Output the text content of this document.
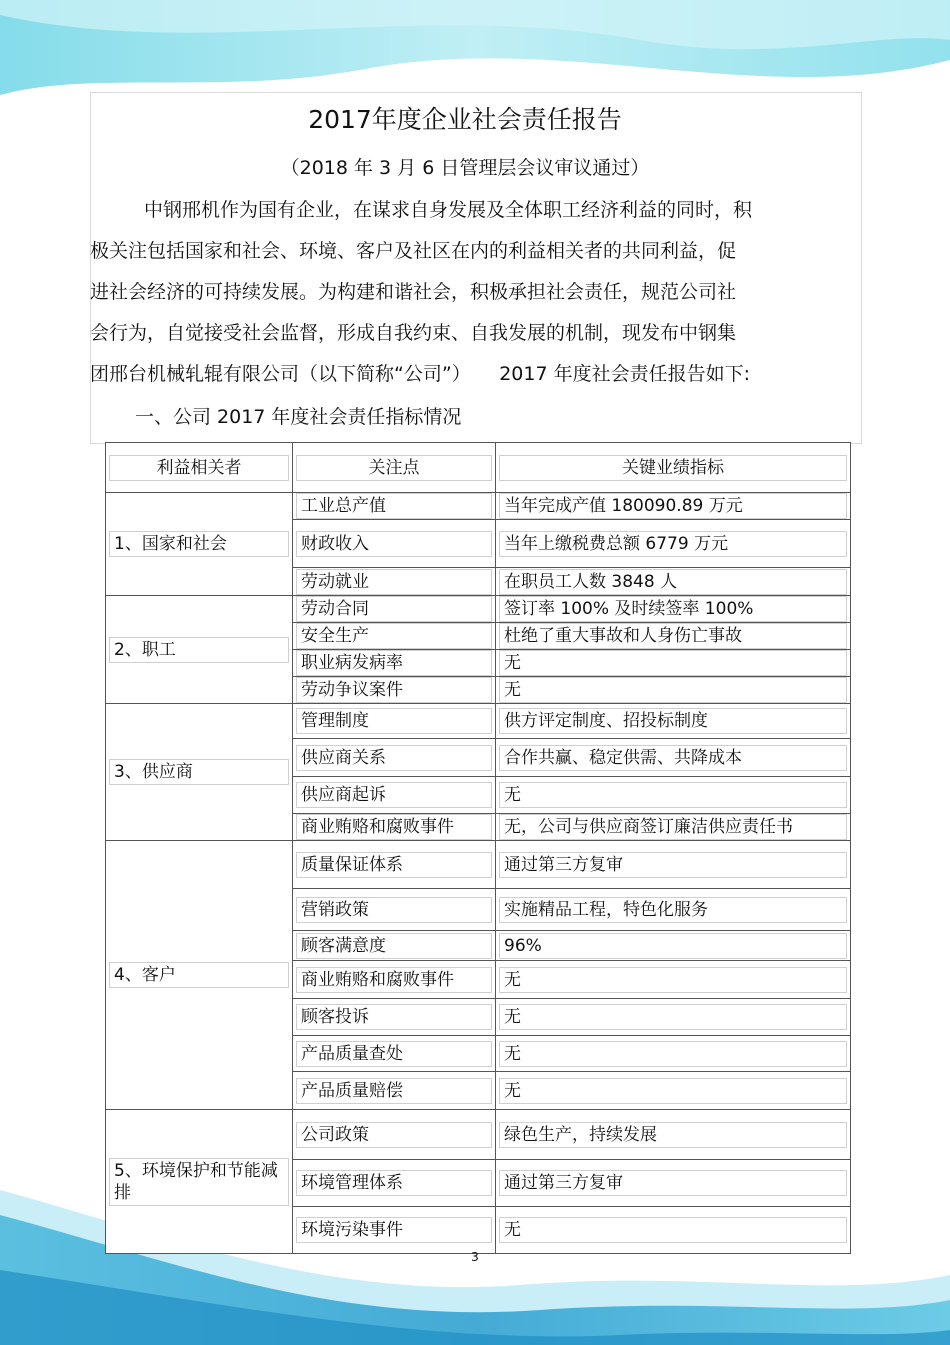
2017年度企业社会责任报告
（2018 年 3 月 6 日管理层会议审议通过）
中钢邢机作为国有企业，在谋求自身发展及全体职工经济利益的同时，积
极关注包括国家和社会、环境、客户及社区在内的利益相关者的共同利益，促
进社会经济的可持续发展。为构建和谐社会，积极承担社会责任，规范公司社
会行为，自觉接受社会监督，形成自我约束、自我发展的机制，现发布中钢集
团邢台机械轧辊有限公司（以下简称“公司”）　　2017 年度社会责任报告如下:
一、公司 2017 年度社会责任指标情况
利益相关者	关注点	关键业绩指标

1、国家和社会	工业总产值	当年完成产值 180090.89 万元

	财政收入	当年上缴税费总额 6779 万元

	劳动就业	在职员工人数 3848 人

2、职工	劳动合同	签订率 100% 及时续签率 100%

	安全生产	杜绝了重大事故和人身伤亡事故

	职业病发病率	无

	劳动争议案件	无

3、供应商	管理制度	供方评定制度、招投标制度

	供应商关系	合作共赢、稳定供需、共降成本

	供应商起诉	无

	商业贿赂和腐败事件	无，公司与供应商签订廉洁供应责任书

4、客户	质量保证体系	通过第三方复审

	营销政策	实施精品工程，特色化服务

	顾客满意度	96%

	商业贿赂和腐败事件	无

	顾客投诉	无

	产品质量查处	无

	产品质量赔偿	无

5、环境保护和节能减排	公司政策	绿色生产，持续发展

	环境管理体系	通过第三方复审

	环境污染事件	无
3
